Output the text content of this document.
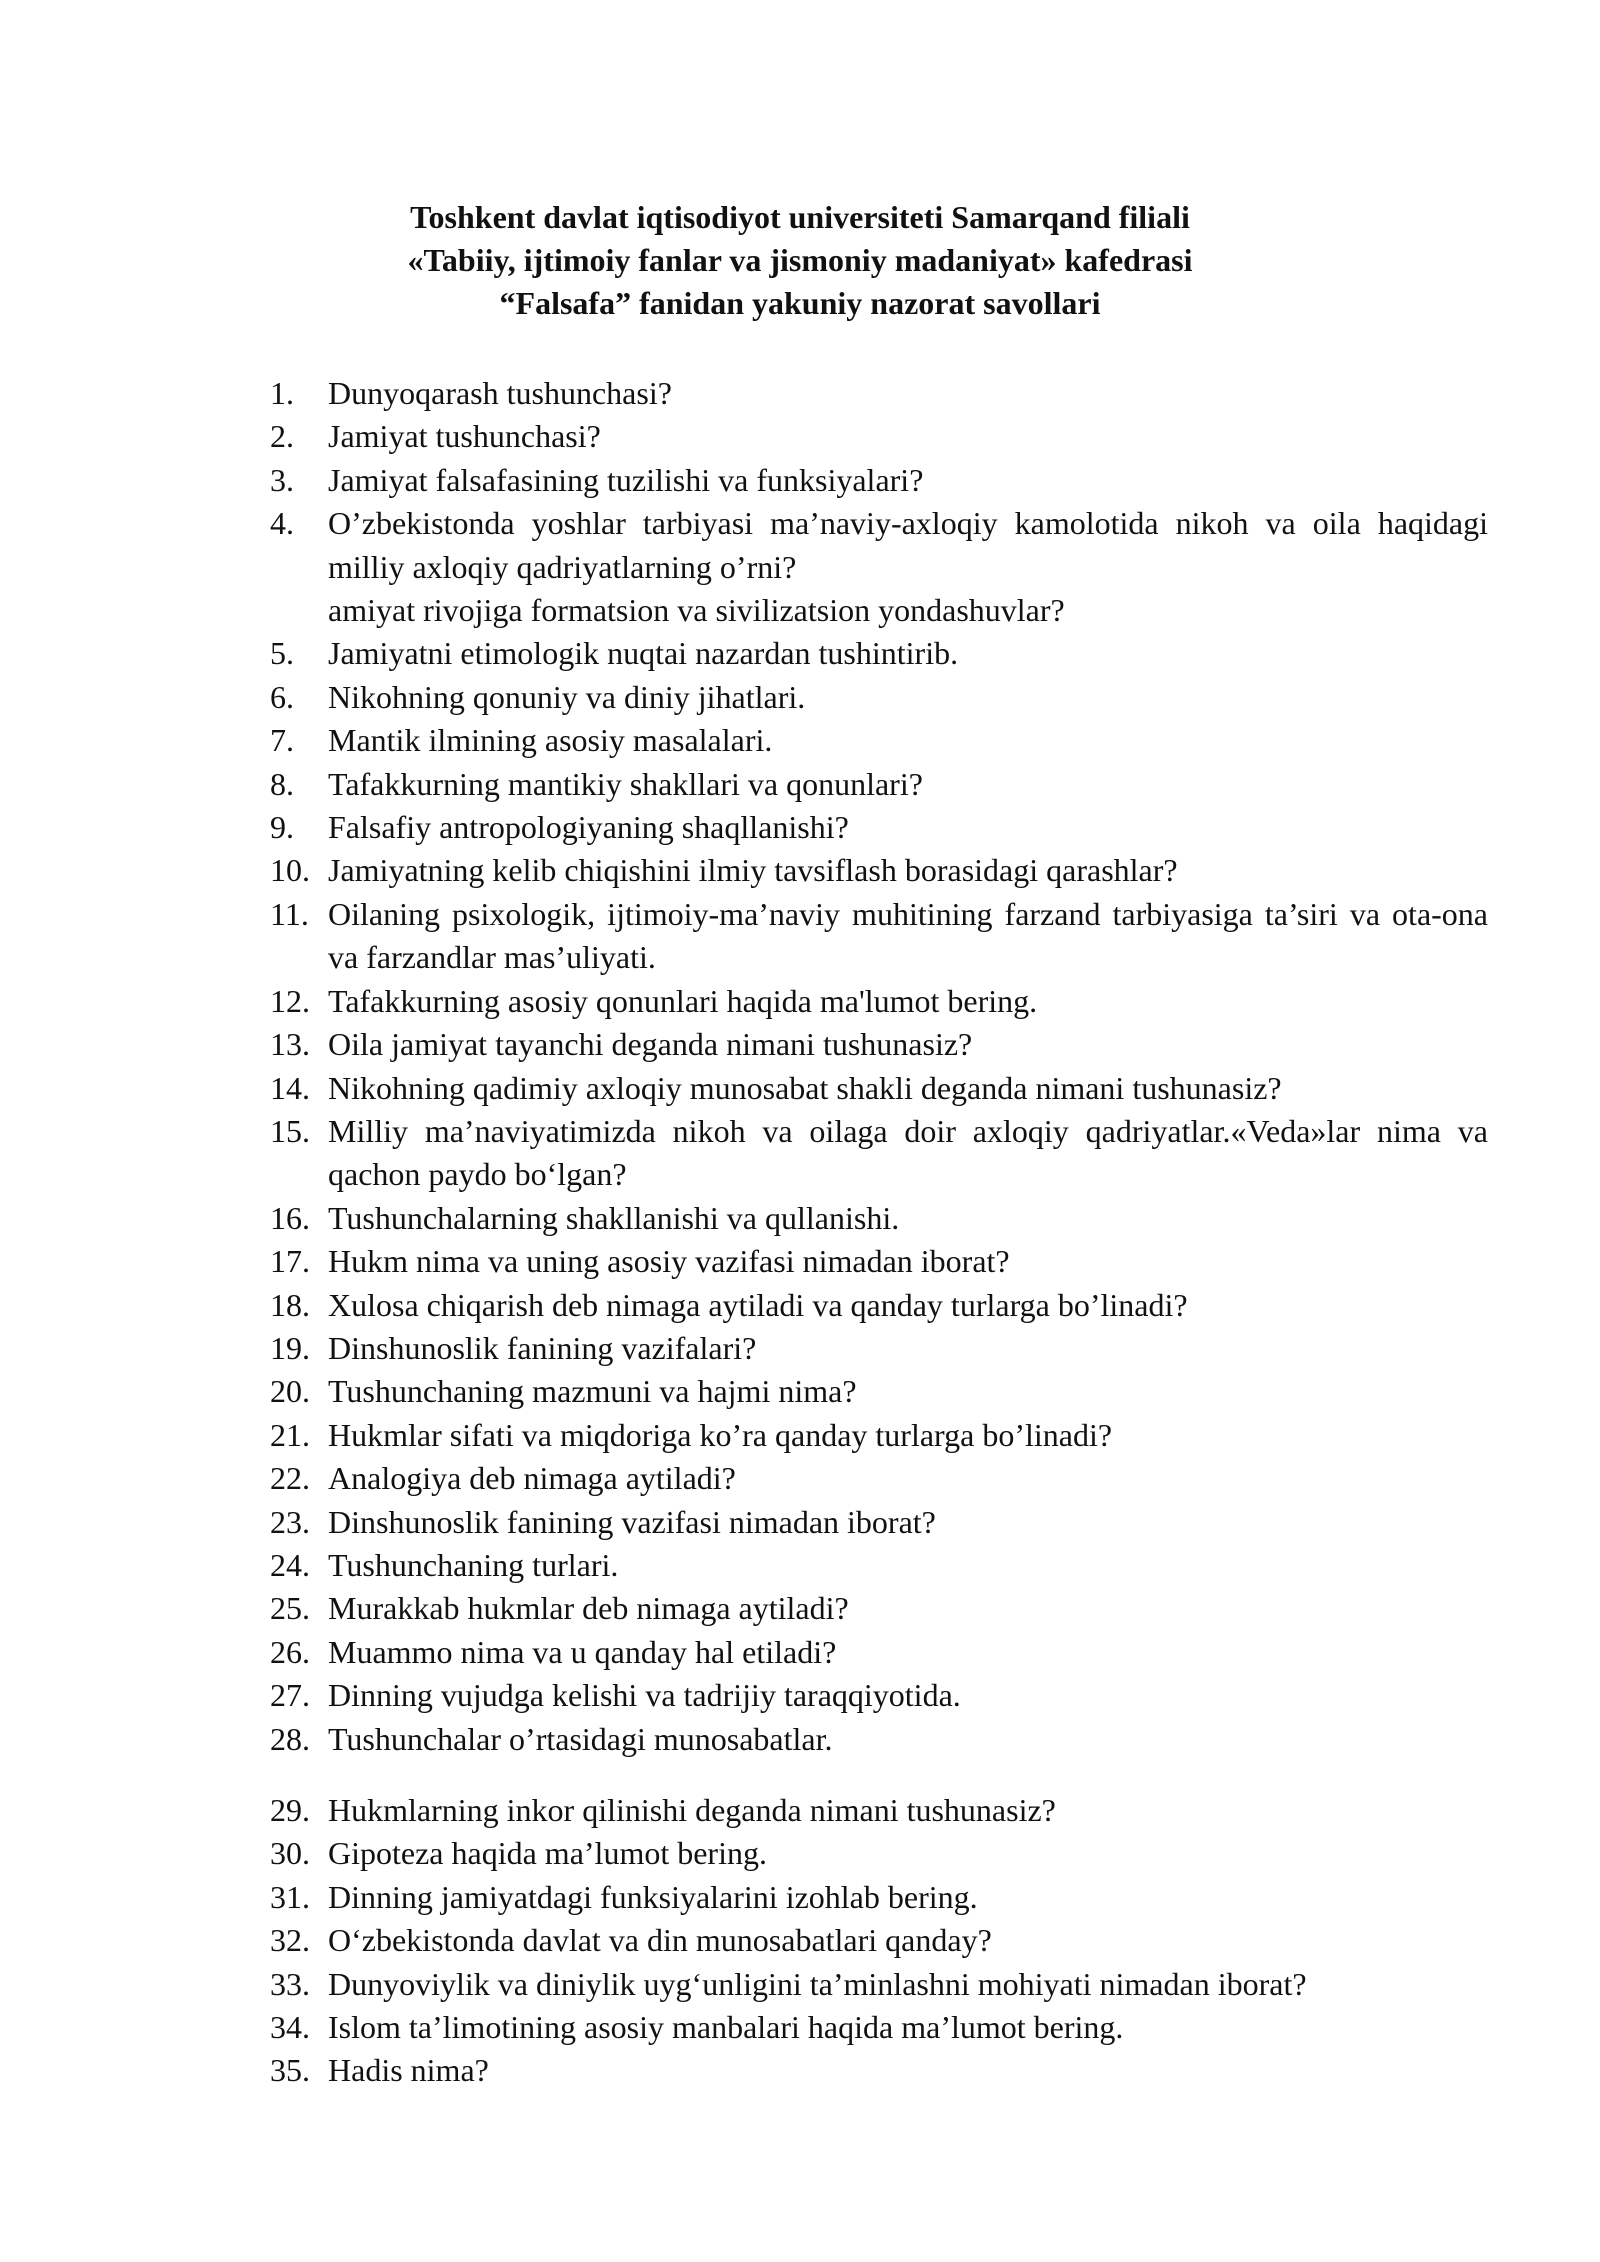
Toshkent davlat iqtisodiyot universiteti Samarqand filiali
«Tabiiy, ijtimoiy fanlar va jismoniy madaniyat» kafedrasi
“Falsafa” fanidan yakuniy nazorat savollari
1.	Dunyoqarash tushunchasi?
2.	Jamiyat tushunchasi?
3.	Jamiyat falsafasining tuzilishi va funksiyalari?
4.	O’zbekistonda yoshlar tarbiyasi ma’naviy-axloqiy kamolotida nikoh va oila haqidagi milliy axloqiy qadriyatlarning o’rni?
amiyat rivojiga formatsion va sivilizatsion yondashuvlar?
5.	Jamiyatni etimologik nuqtai nazardan tushintirib.
6.	Nikohning qonuniy va diniy jihatlari.
7.	Mantik ilmining asosiy masalalari.
8.	Tafakkurning mantikiy shakllari va qonunlari?
9.	Falsafiy antropologiyaning shaqllanishi?
10. Jamiyatning kelib chiqishini ilmiy tavsiflash borasidagi qarashlar?
11. Oilaning psixologik, ijtimoiy-ma’naviy muhitining farzand tarbiyasiga ta’siri va ota-ona va farzandlar mas’uliyati.
12. Tafakkurning asosiy qonunlari haqida ma'lumot bering.
13. Oila jamiyat tayanchi deganda nimani tushunasiz?
14. Nikohning qadimiy axloqiy munosabat shakli deganda nimani tushunasiz?
15. Milliy ma’naviyatimizda nikoh va oilaga doir axloqiy qadriyatlar.«Veda»lar nima va qachon paydo bo‘lgan?
16. Tushunchalarning shakllanishi va qullanishi.
17. Hukm nima va uning asosiy vazifasi nimadan iborat?
18. Xulosa chiqarish deb nimaga aytiladi va qanday turlarga bo’linadi?
19. Dinshunoslik fanining vazifalari?
20. Tushunchaning mazmuni va hajmi nima?
21. Hukmlar sifati va miqdoriga ko’ra qanday turlarga bo’linadi?
22. Analogiya deb nimaga aytiladi?
23. Dinshunoslik fanining vazifasi nimadan iborat?
24. Tushunchaning turlari.
25. Murakkab hukmlar deb nimaga aytiladi?
26. Muammo nima va u qanday hal etiladi?
27. Dinning vujudga kelishi va tadrijiy taraqqiyotida.
28. Tushunchalar o’rtasidagi munosabatlar.
29. Hukmlarning inkor qilinishi deganda nimani tushunasiz?
30. Gipoteza haqida ma’lumot bering.
31. Dinning jamiyatdagi funksiyalarini izohlab bering.
32. O‘zbekistonda davlat va din munosabatlari qanday?
33. Dunyoviylik va diniylik uyg‘unligini ta’minlashni mohiyati nimadan iborat?
34. Islom ta’limotining asosiy manbalari haqida ma’lumot bering.
35. Hadis nima?
